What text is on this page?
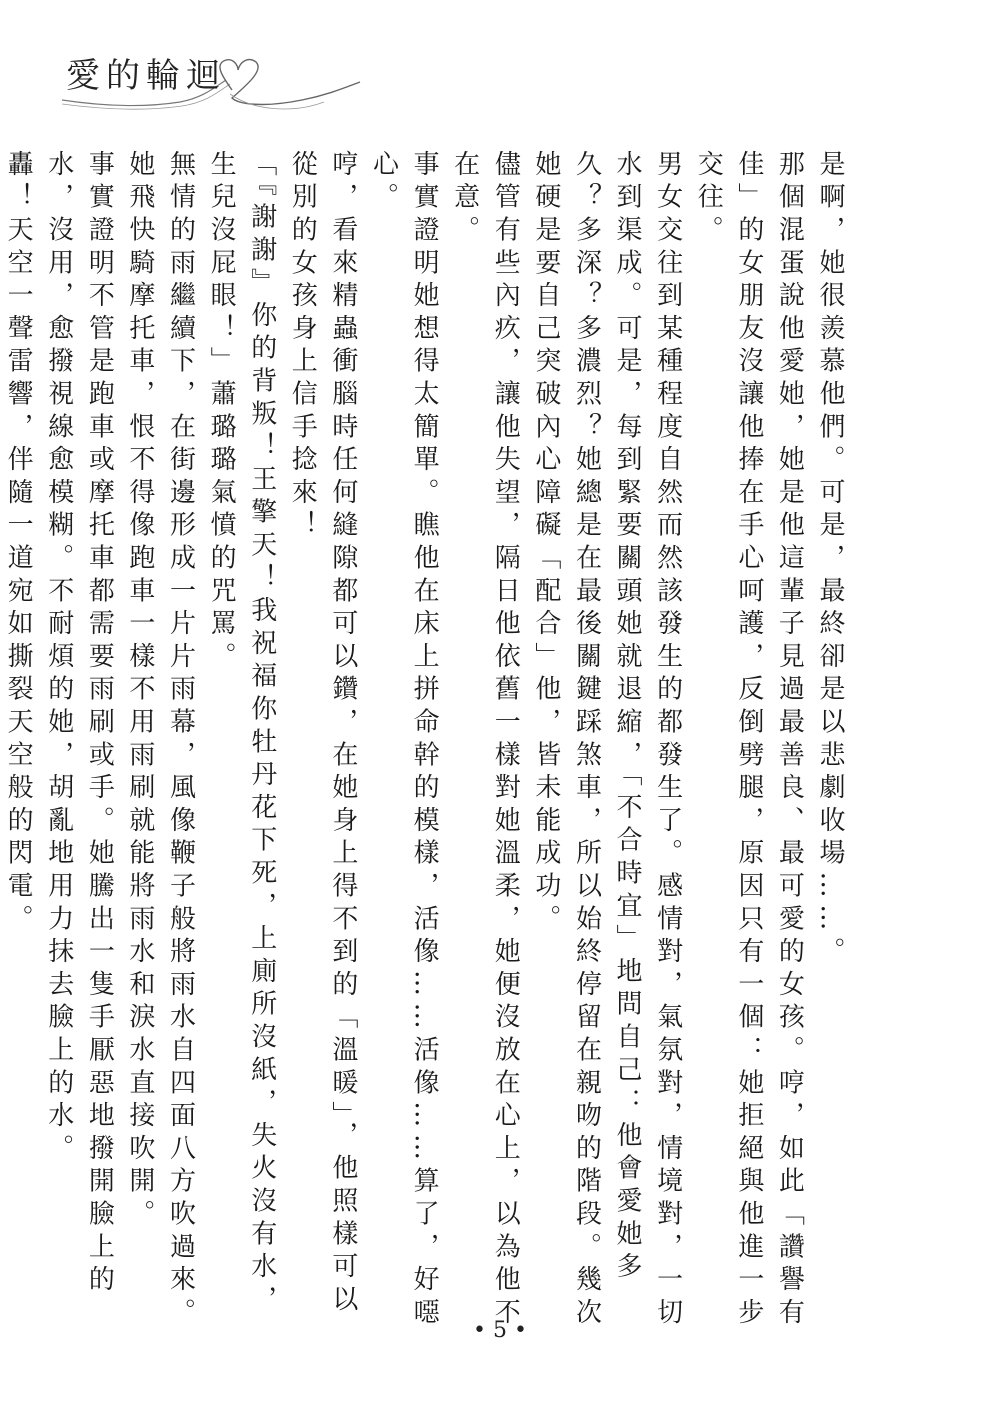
愛的輪迴

是啊，她很羨慕他們。可是，最終卻是以悲劇收場……。

那個混蛋說他愛她，她是他這輩子見過最善良、最可愛的女孩。哼，如此「讚譽有佳」的女朋友沒讓他捧在手心呵護，反倒劈腿，原因只有一個：她拒絕與他進一步交往。

男女交往到某種程度自然而然該發生的都發生了。感情對，氣氛對，情境對，一切水到渠成。可是，每到緊要關頭她就退縮，「不合時宜」地問自己：他會愛她多久？多深？多濃烈？她總是在最後關鍵踩煞車，所以始終停留在親吻的階段。幾次她硬是要自己突破內心障礙「配合」他，皆未能成功。

儘管有些內疚，讓他失望，隔日他依舊一樣對她溫柔，她便沒放在心上，以為他不在意。

事實證明她想得太簡單。瞧他在床上拼命幹的模樣，活像……活像……算了，好噁心。

哼，看來精蟲衝腦時任何縫隙都可以鑽，在她身上得不到的「溫暖」，他照樣可以從別的女孩身上信手捻來！

「『謝謝』你的背叛！王擎天！我祝福你牡丹花下死，上廁所沒紙，失火沒有水，生兒沒屁眼！」蕭璐璐氣憤的咒罵。

無情的雨繼續下，在街邊形成一片片雨幕，風像鞭子般將雨水自四面八方吹過來。她飛快騎摩托車，恨不得像跑車一樣不用雨刷就能將雨水和淚水直接吹開。

事實證明不管是跑車或摩托車都需要雨刷或手。她騰出一隻手厭惡地撥開臉上的水，沒用，愈撥視線愈模糊。不耐煩的她，胡亂地用力抹去臉上的水。

轟！天空一聲雷響，伴隨一道宛如撕裂天空般的閃電。

• 5 •
